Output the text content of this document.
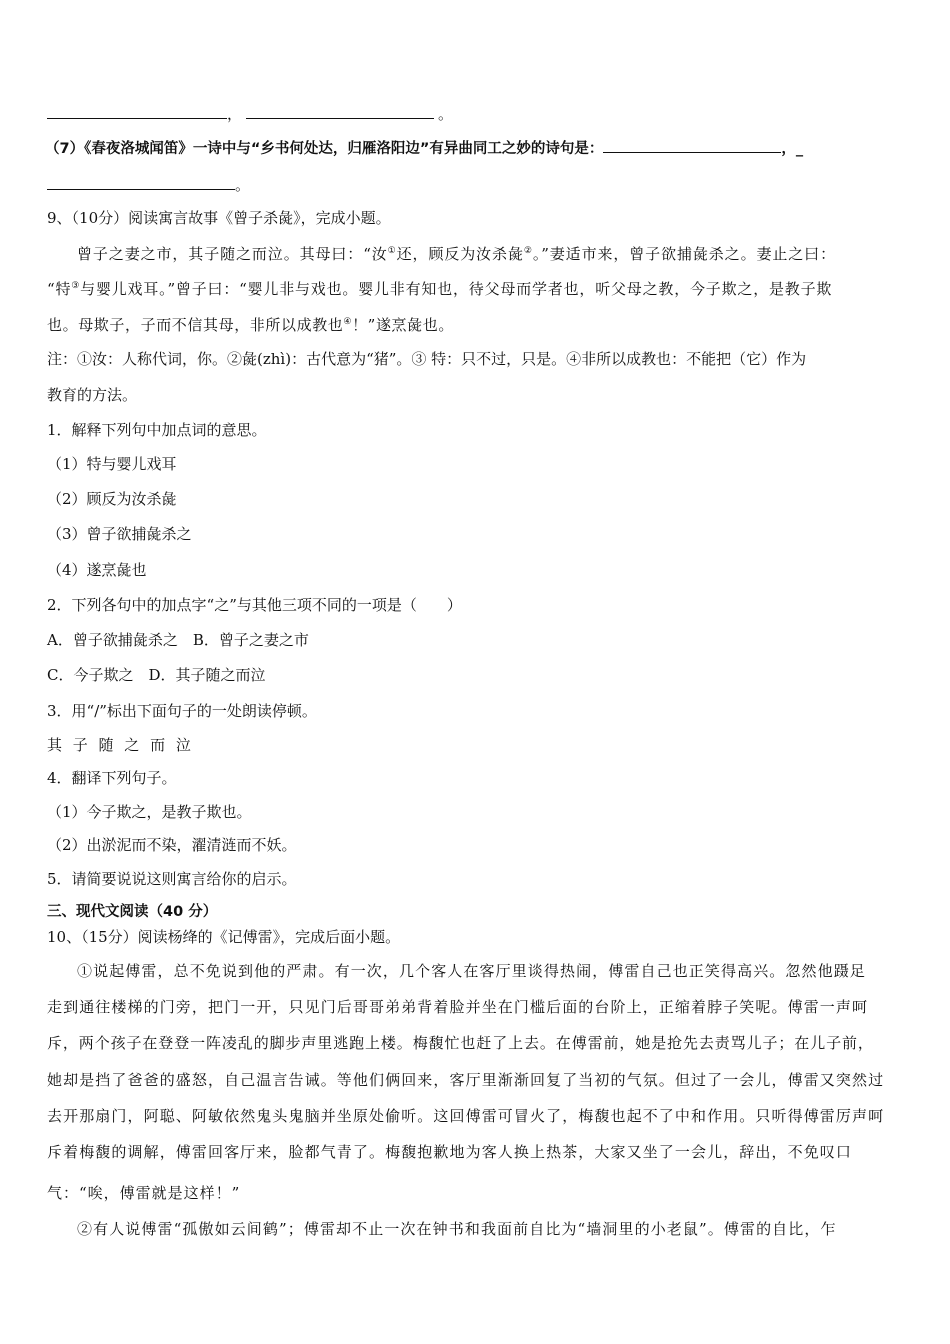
，	。
（7）《春夜洛城闻笛》一诗中与“乡书何处达，归雁洛阳边”有异曲同工之妙的诗句是：	，_
。
9、（10分）阅读寓言故事《曾子杀彘》，完成小题。
曾子之妻之市，其子随之而泣。其母曰：“汝①还，顾反为汝杀彘②。”妻适市来，曾子欲捕彘杀之。妻止之曰：
“特③与婴儿戏耳。”曾子曰：“婴儿非与戏也。婴儿非有知也，待父母而学者也，听父母之教，今子欺之，是教子欺
也。母欺子，子而不信其母，非所以成教也④！”遂烹彘也。
注：①汝：人称代词，你。②彘(zhì)：古代意为“猪”。③ 特：只不过，只是。④非所以成教也：不能把（它）作为
教育的方法。
1．解释下列句中加点词的意思。
（1）特与婴儿戏耳
（2）顾反为汝杀彘
（3）曾子欲捕彘杀之
（4）遂烹彘也
2．下列各句中的加点字“之”与其他三项不同的一项是（　　）
A．曾子欲捕彘杀之　B．曾子之妻之市
C．今子欺之　D．其子随之而泣
3．用“/”标出下面句子的一处朗读停顿。
其 子 随 之 而 泣
4．翻译下列句子。
（1）今子欺之，是教子欺也。
（2）出淤泥而不染，濯清涟而不妖。
5．请简要说说这则寓言给你的启示。
三、现代文阅读（40 分）
10、（15分）阅读杨绛的《记傅雷》，完成后面小题。
①说起傅雷，总不免说到他的严肃。有一次，几个客人在客厅里谈得热闹，傅雷自己也正笑得高兴。忽然他蹑足
走到通往楼梯的门旁，把门一开，只见门后哥哥弟弟背着脸并坐在门槛后面的台阶上，正缩着脖子笑呢。傅雷一声呵
斥，两个孩子在登登一阵凌乱的脚步声里逃跑上楼。梅馥忙也赶了上去。在傅雷前，她是抢先去责骂儿子；在儿子前，
她却是挡了爸爸的盛怒，自己温言告诫。等他们俩回来，客厅里渐渐回复了当初的气氛。但过了一会儿，傅雷又突然过
去开那扇门，阿聪、阿敏依然鬼头鬼脑并坐原处偷听。这回傅雷可冒火了，梅馥也起不了中和作用。只听得傅雷厉声呵
斥着梅馥的调解，傅雷回客厅来，脸都气青了。梅馥抱歉地为客人换上热茶，大家又坐了一会儿，辞出，不免叹口
气：“唉，傅雷就是这样！”
②有人说傅雷“孤傲如云间鹤”；傅雷却不止一次在钟书和我面前自比为“墙洞里的小老鼠”。傅雷的自比，乍
